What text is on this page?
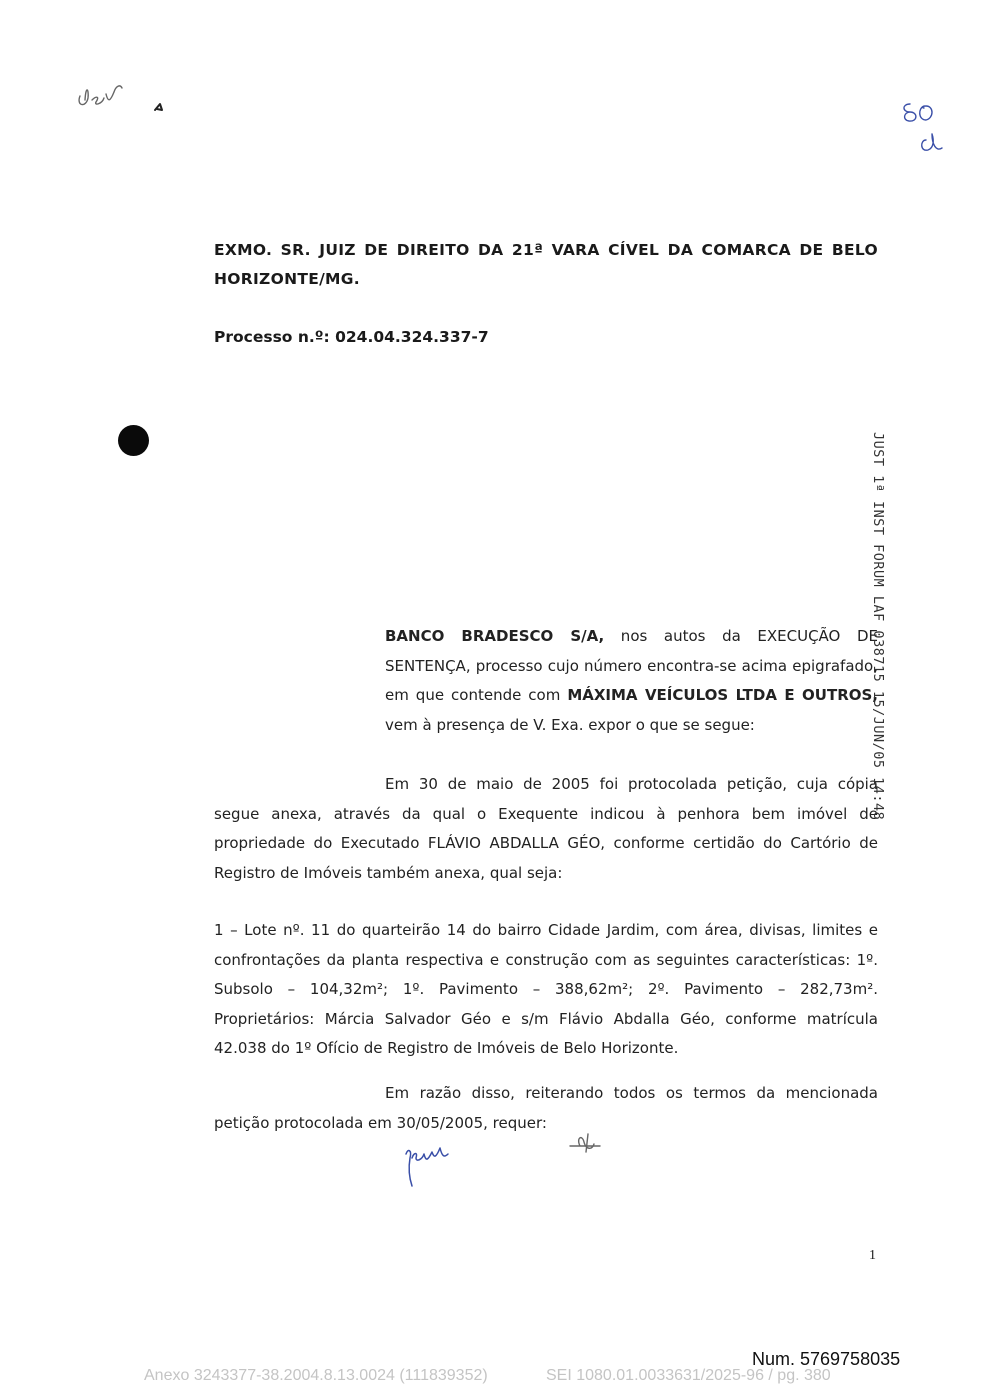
EXMO. SR. JUIZ DE DIREITO DA 21ª VARA CÍVEL DA COMARCA DE BELO HORIZONTE/MG.
Processo n.º: 024.04.324.337-7
BANCO BRADESCO S/A, nos autos da EXECUÇÃO DE SENTENÇA, processo cujo número encontra-se acima epigrafado, em que contende com MÁXIMA VEÍCULOS LTDA E OUTROS, vem à presença de V. Exa. expor o que se segue:
Em 30 de maio de 2005 foi protocolada petição, cuja cópia segue anexa, através da qual o Exequente indicou à penhora bem imóvel de propriedade do Executado FLÁVIO ABDALLA GÉO, conforme certidão do Cartório de Registro de Imóveis também anexa, qual seja:
1 – Lote nº. 11 do quarteirão 14 do bairro Cidade Jardim, com área, divisas, limites e confrontações da planta respectiva e construção com as seguintes características: 1º. Subsolo – 104,32m²; 1º. Pavimento – 388,62m²; 2º. Pavimento – 282,73m². Proprietários: Márcia Salvador Géo e s/m Flávio Abdalla Géo, conforme matrícula 42.038 do 1º Ofício de Registro de Imóveis de Belo Horizonte.
Em razão disso, reiterando todos os termos da mencionada petição protocolada em 30/05/2005, requer:
JUST 1ª INST FORUM LAF 038715 15/JUN/05 14:48
1
Num. 5769758035
Anexo 3243377-38.2004.8.13.0024 (111839352)	SEI 1080.01.0033631/2025-96 / pg. 380
